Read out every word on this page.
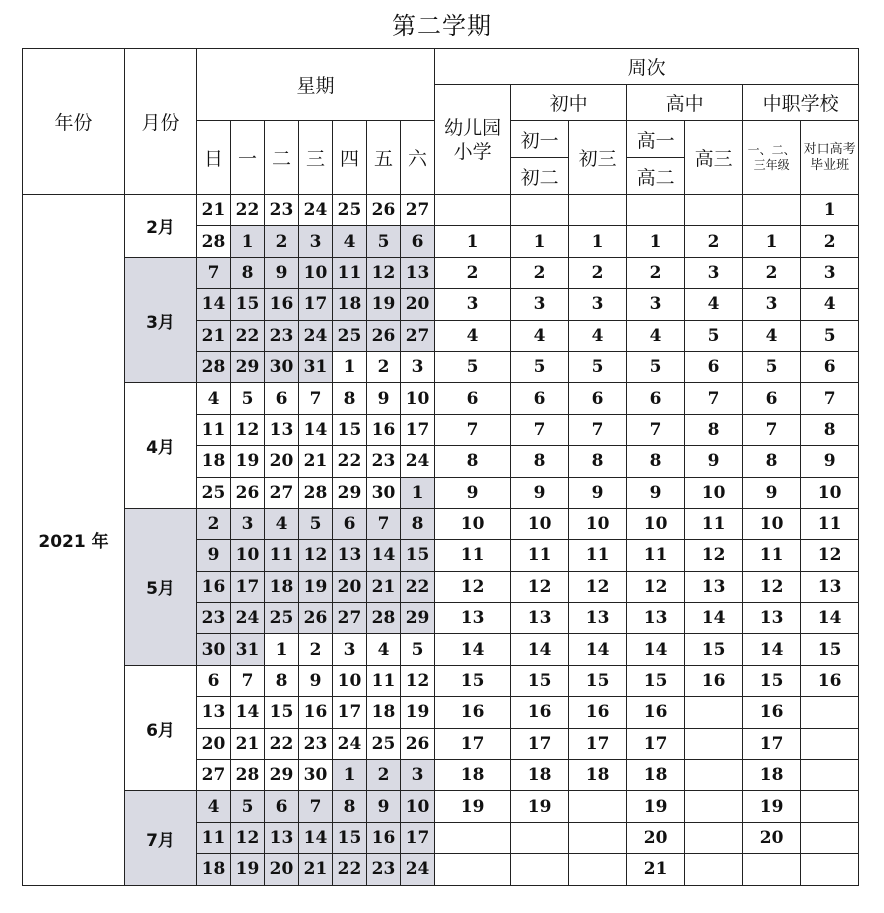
第二学期
年份	月份	星期							周次						
									幼儿园小学	初中		高中		中职学校	
		日	一	二	三	四	五	六		初一	初三	高一	高三	一、二、三年级	对口高考毕业班
										初二		高二			
2021 年	2月	21	22	23	24	25	26	27							1
		28	1	2	3	4	5	6	1	1	1	1	2	1	2
	3月	7	8	9	10	11	12	13	2	2	2	2	3	2	3
		14	15	16	17	18	19	20	3	3	3	3	4	3	4
		21	22	23	24	25	26	27	4	4	4	4	5	4	5
		28	29	30	31	1	2	3	5	5	5	5	6	5	6
	4月	4	5	6	7	8	9	10	6	6	6	6	7	6	7
		11	12	13	14	15	16	17	7	7	7	7	8	7	8
		18	19	20	21	22	23	24	8	8	8	8	9	8	9
		25	26	27	28	29	30	1	9	9	9	9	10	9	10
	5月	2	3	4	5	6	7	8	10	10	10	10	11	10	11
		9	10	11	12	13	14	15	11	11	11	11	12	11	12
		16	17	18	19	20	21	22	12	12	12	12	13	12	13
		23	24	25	26	27	28	29	13	13	13	13	14	13	14
		30	31	1	2	3	4	5	14	14	14	14	15	14	15
	6月	6	7	8	9	10	11	12	15	15	15	15	16	15	16
		13	14	15	16	17	18	19	16	16	16	16		16	
		20	21	22	23	24	25	26	17	17	17	17		17	
		27	28	29	30	1	2	3	18	18	18	18		18	
	7月	4	5	6	7	8	9	10	19	19		19		19	
		11	12	13	14	15	16	17				20		20	
		18	19	20	21	22	23	24				21			
